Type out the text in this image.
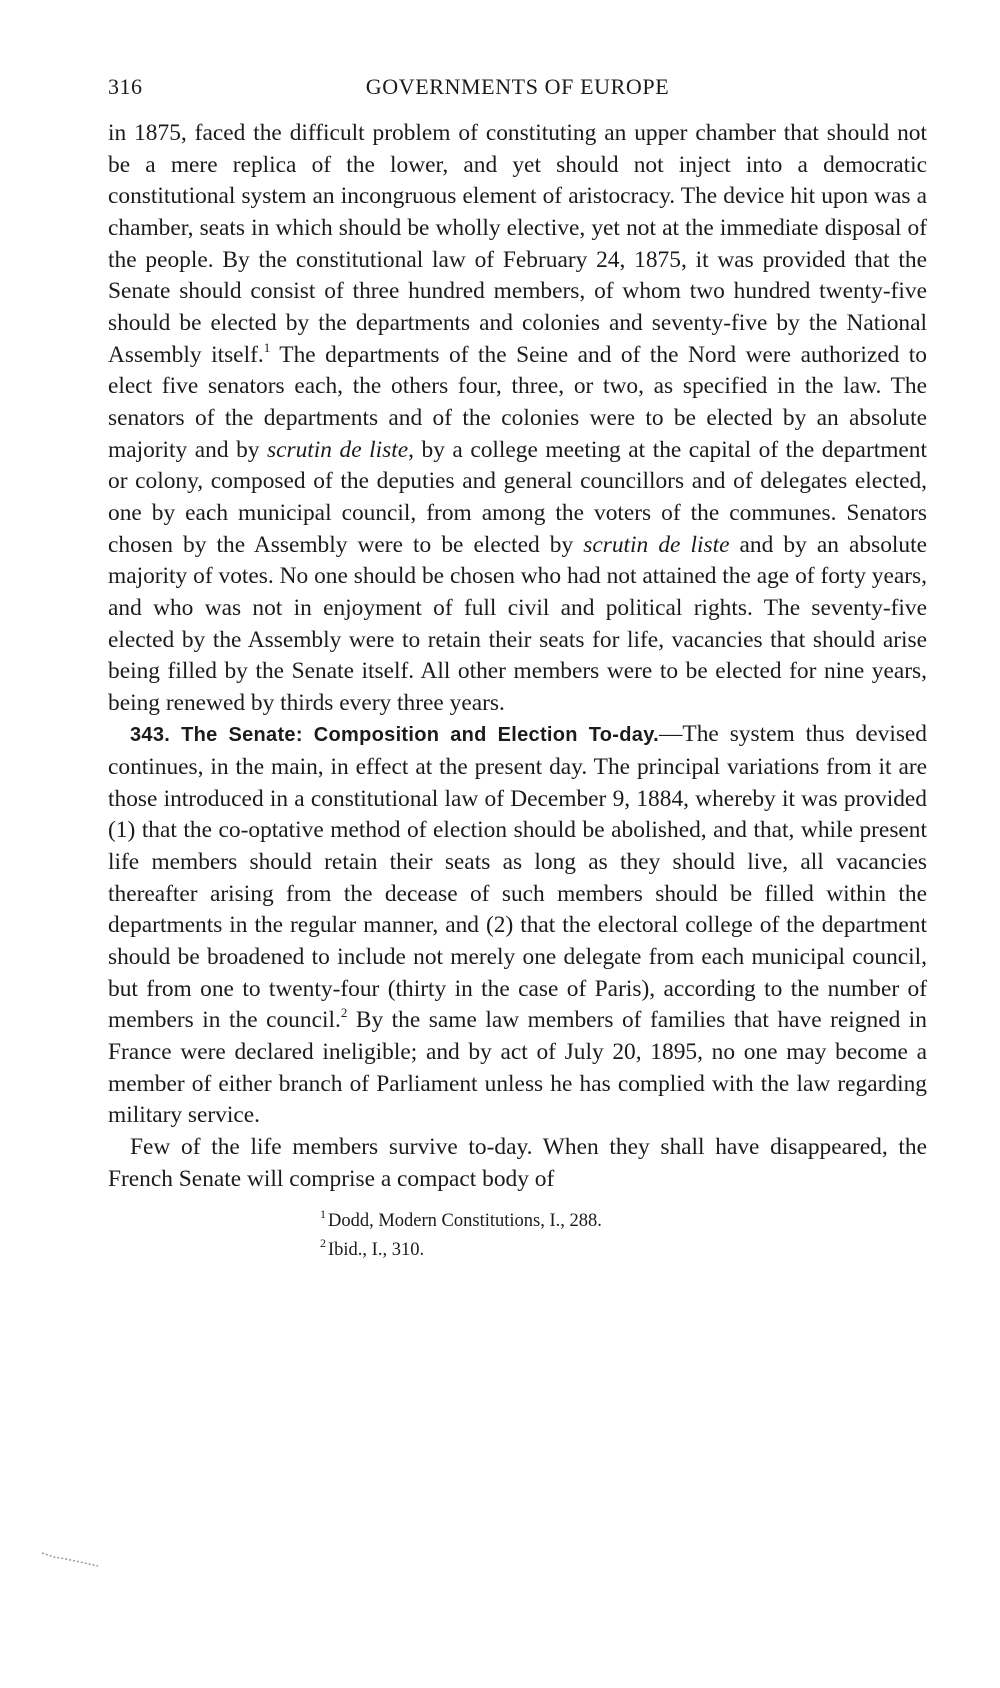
316	GOVERNMENTS OF EUROPE

in 1875, faced the difficult problem of constituting an upper chamber that should not be a mere replica of the lower, and yet should not inject into a democratic constitutional system an incongruous element of aristocracy. The device hit upon was a chamber, seats in which should be wholly elective, yet not at the immediate disposal of the people. By the constitutional law of February 24, 1875, it was provided that the Senate should consist of three hundred members, of whom two hundred twenty-five should be elected by the departments and colonies and seventy-five by the National Assembly itself.$^1$ The departments of the Seine and of the Nord were authorized to elect five senators each, the others four, three, or two, as specified in the law. The senators of the departments and of the colonies were to be elected by an absolute majority and by scrutin de liste, by a college meeting at the capital of the department or colony, composed of the deputies and general councillors and of delegates elected, one by each municipal council, from among the voters of the communes. Senators chosen by the Assembly were to be elected by scrutin de liste and by an absolute majority of votes. No one should be chosen who had not attained the age of forty years, and who was not in enjoyment of full civil and political rights. The seventy-five elected by the Assembly were to retain their seats for life, vacancies that should arise being filled by the Senate itself. All other members were to be elected for nine years, being renewed by thirds every three years.

343. The Senate: Composition and Election To-day.—The system thus devised continues, in the main, in effect at the present day. The principal variations from it are those introduced in a constitutional law of December 9, 1884, whereby it was provided (1) that the co-optative method of election should be abolished, and that, while present life members should retain their seats as long as they should live, all vacancies thereafter arising from the decease of such members should be filled within the departments in the regular manner, and (2) that the electoral college of the department should be broadened to include not merely one delegate from each municipal council, but from one to twenty-four (thirty in the case of Paris), according to the number of members in the council.$^2$ By the same law members of families that have reigned in France were declared ineligible; and by act of July 20, 1895, no one may become a member of either branch of Parliament unless he has complied with the law regarding military service.

Few of the life members survive to-day. When they shall have disappeared, the French Senate will comprise a compact body of

$^1$ Dodd, Modern Constitutions, I., 288.
$^2$ Ibid., I., 310.
